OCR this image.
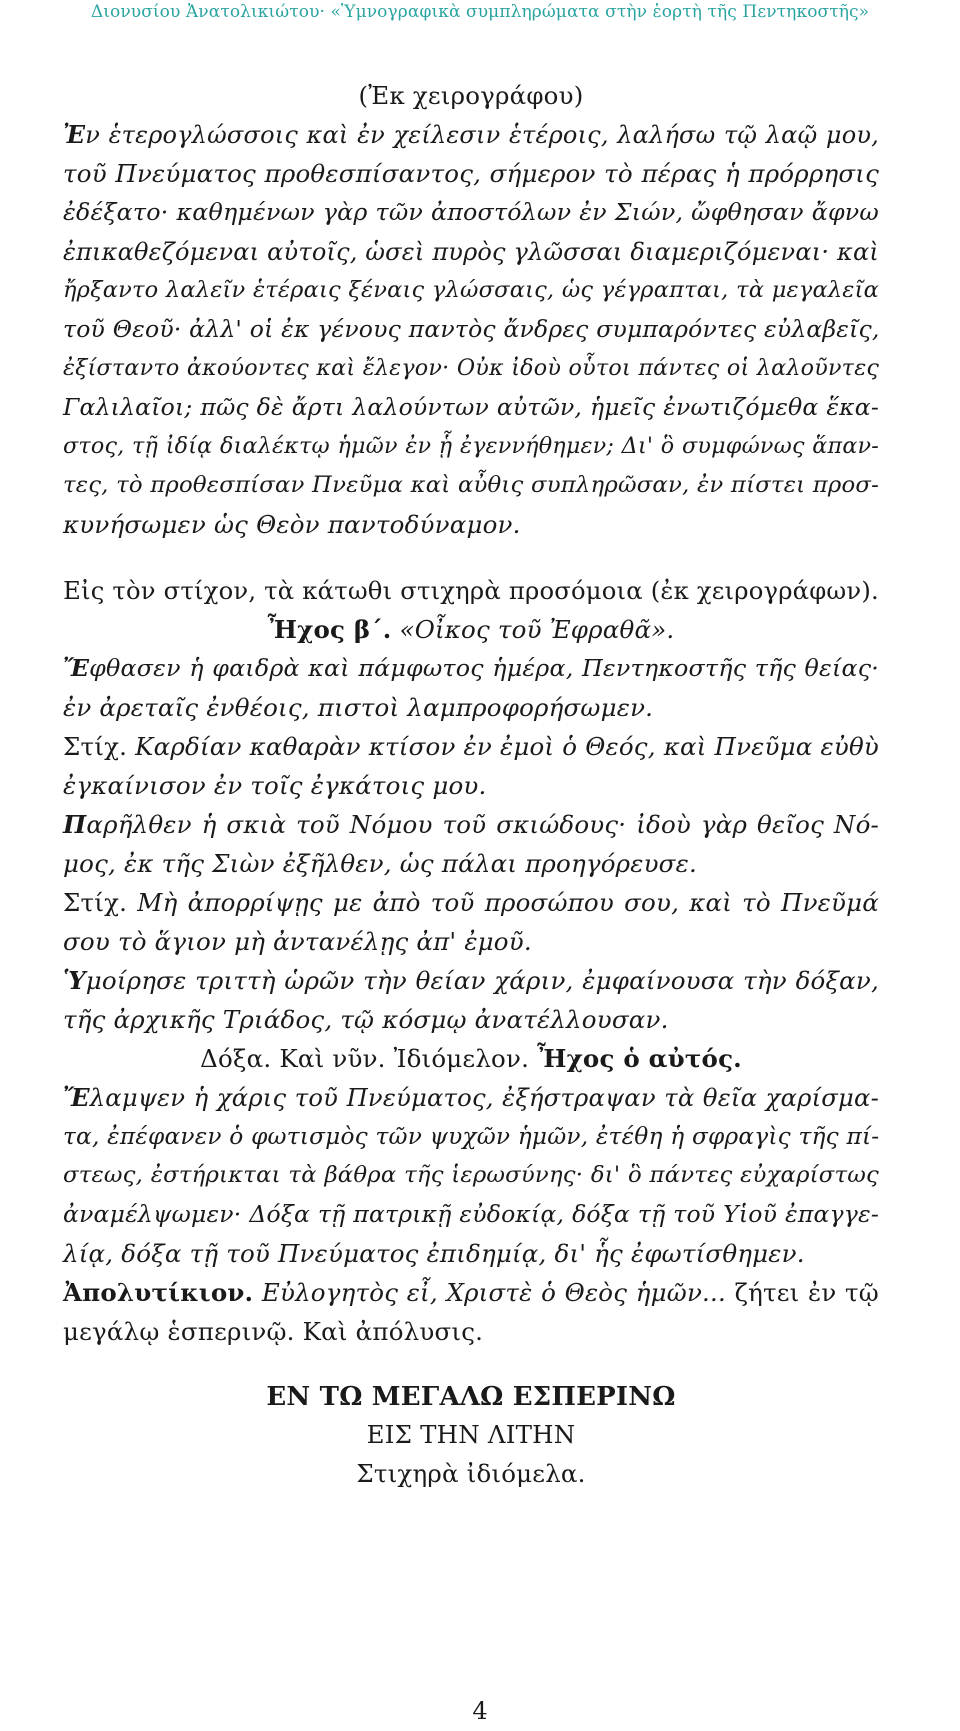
Διονυσίου Ἀνατολικιώτου· «Ὑμνογραφικὰ συμπληρώματα στὴν ἑορτὴ τῆς Πεντηκοστῆς»
(Ἐκ χειρογράφου)
Ἐν ἑτερογλώσσοις καὶ ἐν χείλεσιν ἑτέροις, λαλήσω τῷ λαῷ μου,
τοῦ Πνεύματος προθεσπίσαντος, σήμερον τὸ πέρας ἡ πρόρρησις
ἐδέξατο· καθημένων γὰρ τῶν ἀποστόλων ἐν Σιών, ὤφθησαν ἄφνω
ἐπικαθεζόμεναι αὐτοῖς, ὡσεὶ πυρὸς γλῶσσαι διαμεριζόμεναι· καὶ
ἤρξαντο λαλεῖν ἑτέραις ξέναις γλώσσαις, ὡς γέγραπται, τὰ μεγαλεῖα
τοῦ Θεοῦ· ἀλλ' οἱ ἐκ γένους παντὸς ἄνδρες συμπαρόντες εὐλαβεῖς,
ἐξίσταντο ἀκούοντες καὶ ἔλεγον· Οὐκ ἰδοὺ οὗτοι πάντες οἱ λαλοῦντες
Γαλιλαῖοι; πῶς δὲ ἄρτι λαλούντων αὐτῶν, ἡμεῖς ἐνωτιζόμεθα ἕκα-
στος, τῇ ἰδίᾳ διαλέκτῳ ἡμῶν ἐν ᾗ ἐγεννήθημεν; Δι' ὃ συμφώνως ἅπαν-
τες, τὸ προθεσπίσαν Πνεῦμα καὶ αὖθις συπληρῶσαν, ἐν πίστει προσ-
κυνήσωμεν ὡς Θεὸν παντοδύναμον.
Εἰς τὸν στίχον, τὰ κάτωθι στιχηρὰ προσόμοια (ἐκ χειρογράφων).
Ἦχος β΄. «Οἶκος τοῦ Ἐφραθᾶ».
Ἔφθασεν ἡ φαιδρὰ καὶ πάμφωτος ἡμέρα, Πεντηκοστῆς τῆς θείας·
ἐν ἀρεταῖς ἐνθέοις, πιστοὶ λαμπροφορήσωμεν.
Στίχ. Καρδίαν καθαρὰν κτίσον ἐν ἐμοὶ ὁ Θεός, καὶ Πνεῦμα εὐθὺ
ἐγκαίνισον ἐν τοῖς ἐγκάτοις μου.
Παρῆλθεν ἡ σκιὰ τοῦ Νόμου τοῦ σκιώδους· ἰδοὺ γὰρ θεῖος Νό-
μος, ἐκ τῆς Σιὼν ἐξῆλθεν, ὡς πάλαι προηγόρευσε.
Στίχ. Μὴ ἀπορρίψῃς με ἀπὸ τοῦ προσώπου σου, καὶ τὸ Πνεῦμά
σου τὸ ἅγιον μὴ ἀντανέλῃς ἀπ' ἐμοῦ.
Ὑμοίρησε τριττὴ ὡρῶν τὴν θείαν χάριν, ἐμφαίνουσα τὴν δόξαν,
τῆς ἀρχικῆς Τριάδος, τῷ κόσμῳ ἀνατέλλουσαν.
Δόξα. Καὶ νῦν. Ἰδιόμελον. Ἦχος ὁ αὐτός.
Ἔλαμψεν ἡ χάρις τοῦ Πνεύματος, ἐξήστραψαν τὰ θεῖα χαρίσμα-
τα, ἐπέφανεν ὁ φωτισμὸς τῶν ψυχῶν ἡμῶν, ἐτέθη ἡ σφραγὶς τῆς πί-
στεως, ἐστήρικται τὰ βάθρα τῆς ἱερωσύνης· δι' ὃ πάντες εὐχαρίστως
ἀναμέλψωμεν· Δόξα τῇ πατρικῇ εὐδοκίᾳ, δόξα τῇ τοῦ Υἱοῦ ἐπαγγε-
λίᾳ, δόξα τῇ τοῦ Πνεύματος ἐπιδημίᾳ, δι' ἧς ἐφωτίσθημεν.
Ἀπολυτίκιον. Εὐλογητὸς εἶ, Χριστὲ ὁ Θεὸς ἡμῶν... ζήτει ἐν τῷ
μεγάλῳ ἑσπερινῷ. Καὶ ἀπόλυσις.
ΕΝ ΤΩ ΜΕΓΑΛΩ ΕΣΠΕΡΙΝΩ
ΕΙΣ ΤΗΝ ΛΙΤΗΝ
Στιχηρὰ ἰδιόμελα.
4
